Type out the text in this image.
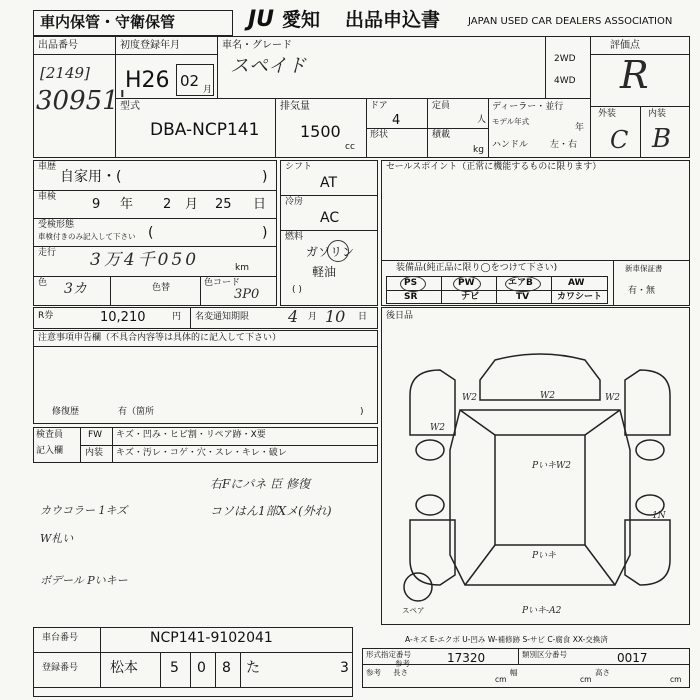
車内保管・守衛保管	JU 愛知 出品申込書	JAPAN USED CAR DEALERS ASSOCIATION
出品番号
[2149]
30951'
初度登録年月
H26 02 月
車名・グレード
スペイド	2WD
4WD
評価点
R
外装	内装
C B
型式
DBA-NCP141
排気量
1500
cc
ドア
4
定員
人
形状	積載
kg
ディーラー・並行
モデル年式
年
ハンドル 左・右
車歴
自家用・(	)
車検	9 年 2 月 25 日
受検形態
車検付きのみ記入して下さい (	)
走行 3万4千050	km
色 3カ	色替	色コード
3P0
シフト
AT
冷房
AC
燃料
ガソリン
軽油
( )
セールスポイント（正常に機能するものに限ります）
装備品(純正品に限り◯をつけて下さい)	新車保証書
有・無
PS	PW	エアB	AW
SR	ナビ	TV	カワシート
R券	10,210	円 名変通知期限 4 月 10 日 後日品
注意事項申告欄（不具合内容等は具体的に記入して下さい）
修復歴	有（箇所	)
検査員
記入欄
FW キズ・凹み・ヒビ割・リペア跡・X要
内装 キズ・汚レ・コゲ・穴・スレ・キレ・破レ
右Fにパネ 臣 修復
カウコラー 1キズ	コソはん1部Xメ(外れ)
W札い
ボデール Pいキー
W2	W2	W2
W2
PいキW2
Pいキ
Pいキ-A2
1N
スペア
A-キズ E-エクボ U-凹み W-補修跡 S-サビ C-腐食 XX-交換済
車台番号	NCP141-9102041
登録番号 松本 5 0 8 た	3
形式指定番号
参考	17320	類別区分番号	0017
参考 長さ
cm
幅
cm
高さ
cm
